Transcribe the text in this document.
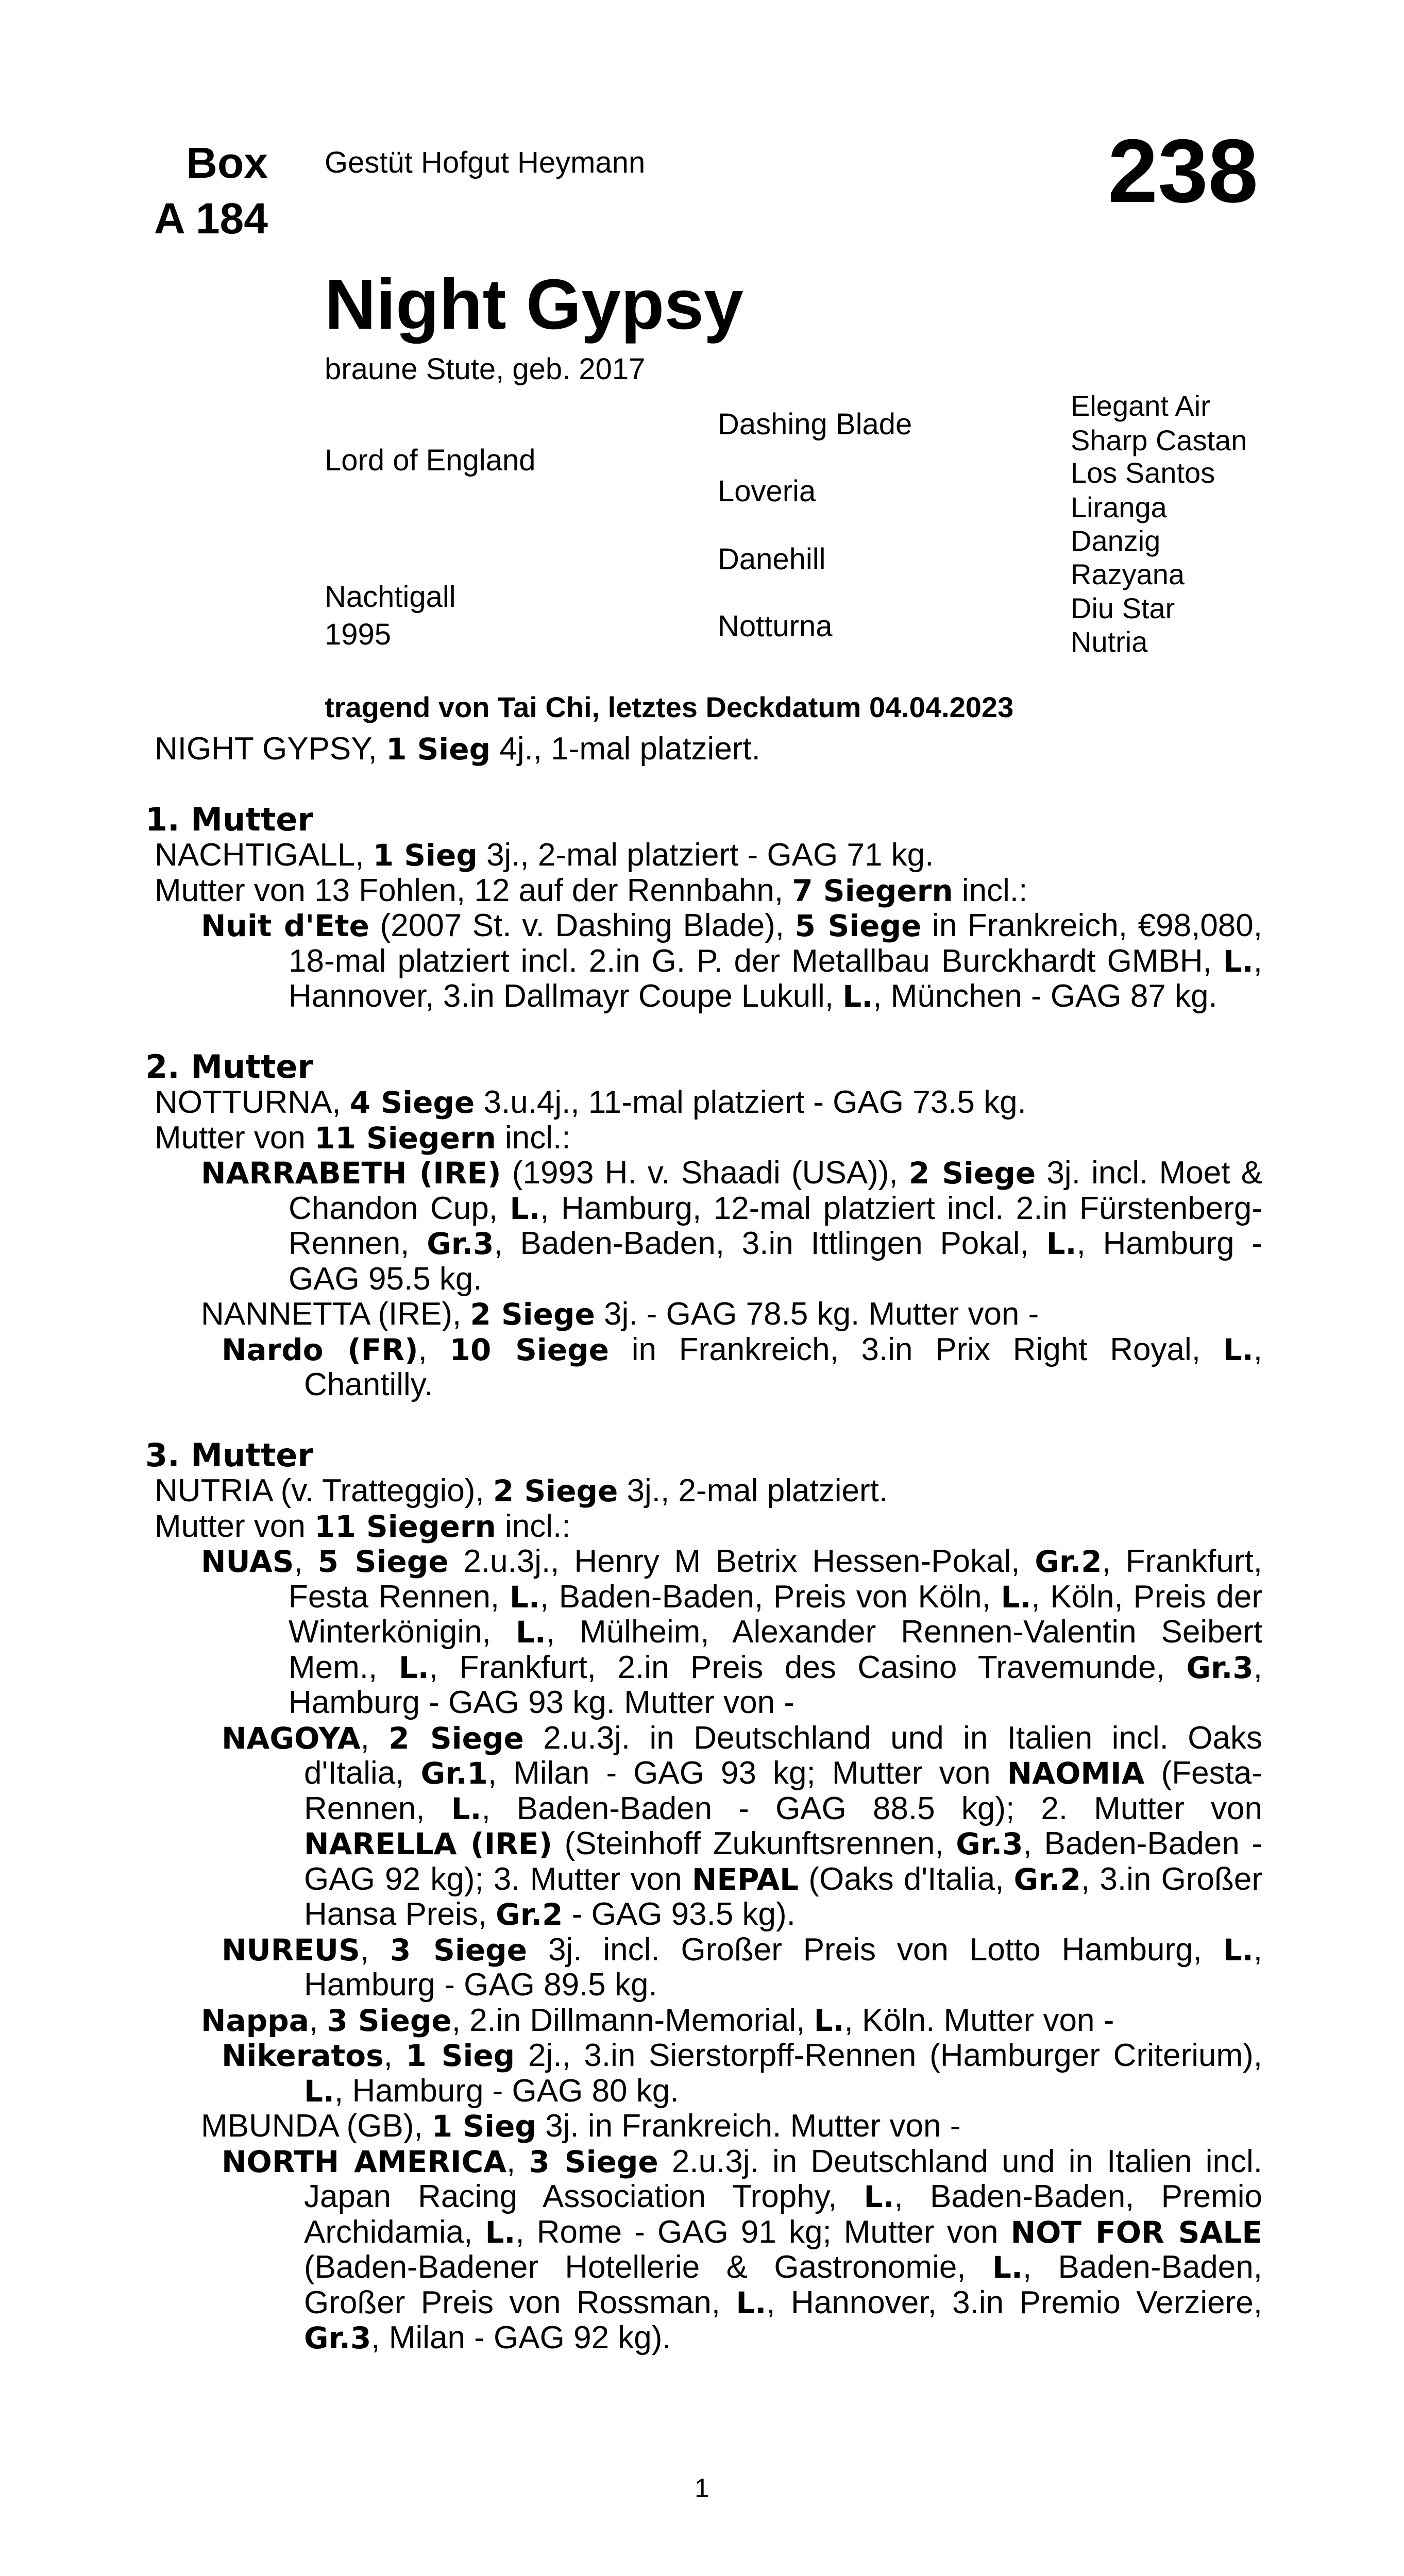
Box
A 184
Gestüt Hofgut Heymann	238
Night Gypsy
braune Stute, geb. 2017
Lord of England
Nachtigall
1995
Dashing Blade
Loveria
Danehill
Notturna
Elegant Air
Sharp Castan
Los Santos
Liranga
Danzig
Razyana
Diu Star
Nutria
tragend von Tai Chi, letztes Deckdatum 04.04.2023

NIGHT GYPSY, 1 Sieg 4j., 1-mal platziert.

1. Mutter

NACHTIGALL, 1 Sieg 3j., 2-mal platziert - GAG 71 kg.

Mutter von 13 Fohlen, 12 auf der Rennbahn, 7 Siegern incl.:

Nuit d'Ete (2007 St. v. Dashing Blade), 5 Siege in Frankreich, €98,080, 18-mal platziert incl. 2.in G. P. der Metallbau Burckhardt GMBH, L., Hannover, 3.in Dallmayr Coupe Lukull, L., München - GAG 87 kg.

2. Mutter

NOTTURNA, 4 Siege 3.u.4j., 11-mal platziert - GAG 73.5 kg.

Mutter von 11 Siegern incl.:

NARRABETH (IRE) (1993 H. v. Shaadi (USA)), 2 Siege 3j. incl. Moet & Chandon Cup, L., Hamburg, 12-mal platziert incl. 2.in Fürstenberg-Rennen, Gr.3, Baden-Baden, 3.in Ittlingen Pokal, L., Hamburg - GAG 95.5 kg.

NANNETTA (IRE), 2 Siege 3j. - GAG 78.5 kg. Mutter von -

Nardo (FR), 10 Siege in Frankreich, 3.in Prix Right Royal, L., Chantilly.

3. Mutter

NUTRIA (v. Tratteggio), 2 Siege 3j., 2-mal platziert.

Mutter von 11 Siegern incl.:

NUAS, 5 Siege 2.u.3j., Henry M Betrix Hessen-Pokal, Gr.2, Frankfurt, Festa Rennen, L., Baden-Baden, Preis von Köln, L., Köln, Preis der Winterkönigin, L., Mülheim, Alexander Rennen-Valentin Seibert Mem., L., Frankfurt, 2.in Preis des Casino Travemunde, Gr.3, Hamburg - GAG 93 kg. Mutter von -

NAGOYA, 2 Siege 2.u.3j. in Deutschland und in Italien incl. Oaks d'Italia, Gr.1, Milan - GAG 93 kg; Mutter von NAOMIA (Festa-Rennen, L., Baden-Baden - GAG 88.5 kg); 2. Mutter von NARELLA (IRE) (Steinhoff Zukunftsrennen, Gr.3, Baden-Baden - GAG 92 kg); 3. Mutter von NEPAL (Oaks d'Italia, Gr.2, 3.in Großer Hansa Preis, Gr.2 - GAG 93.5 kg).

NUREUS, 3 Siege 3j. incl. Großer Preis von Lotto Hamburg, L., Hamburg - GAG 89.5 kg.

Nappa, 3 Siege, 2.in Dillmann-Memorial, L., Köln. Mutter von -

Nikeratos, 1 Sieg 2j., 3.in Sierstorpff-Rennen (Hamburger Criterium), L., Hamburg - GAG 80 kg.

MBUNDA (GB), 1 Sieg 3j. in Frankreich. Mutter von -

NORTH AMERICA, 3 Siege 2.u.3j. in Deutschland und in Italien incl. Japan Racing Association Trophy, L., Baden-Baden, Premio Archidamia, L., Rome - GAG 91 kg; Mutter von NOT FOR SALE (Baden-Badener Hotellerie & Gastronomie, L., Baden-Baden, Großer Preis von Rossman, L., Hannover, 3.in Premio Verziere, Gr.3, Milan - GAG 92 kg).

1
